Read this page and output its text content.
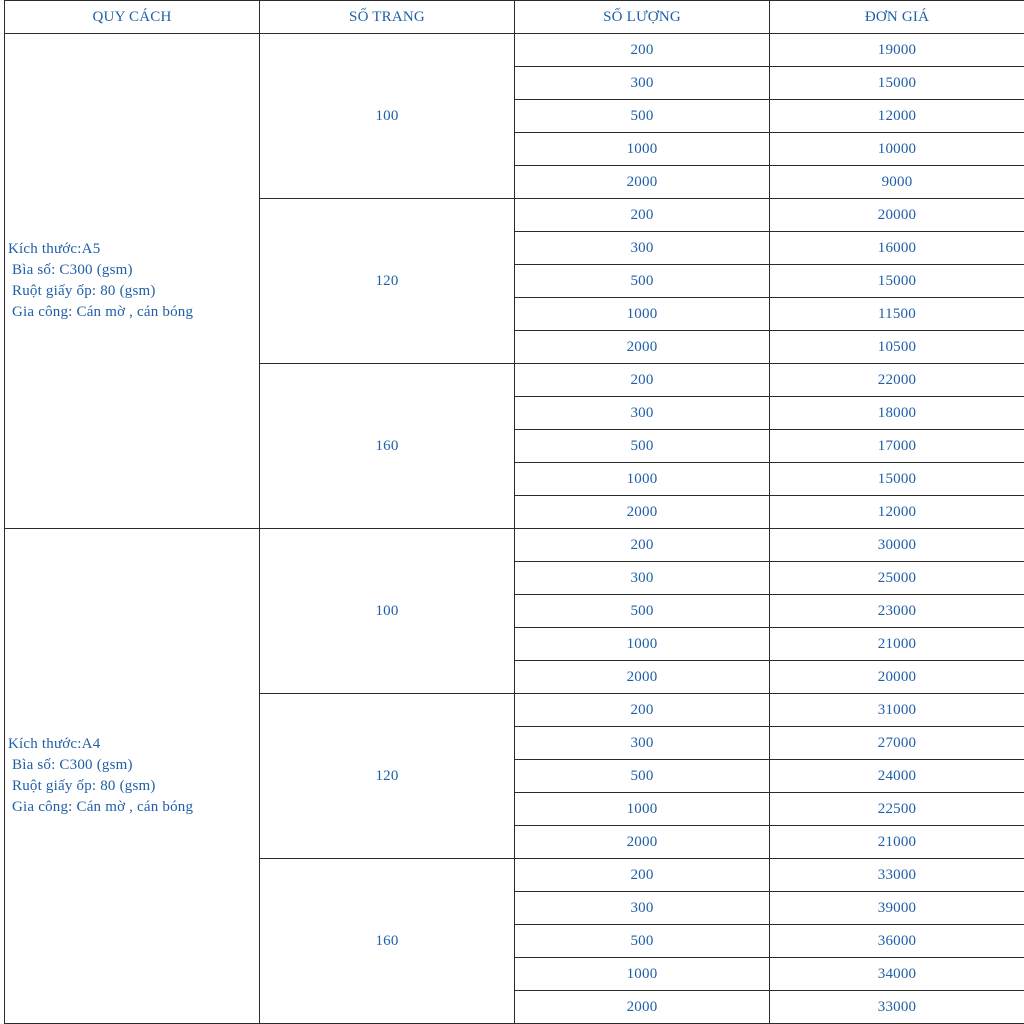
QUY CÁCH	SỐ TRANG	SỐ LƯỢNG	ĐƠN GIÁ

Kích thước:A5
Bìa số: C300 (gsm)
Ruột giấy ốp: 80 (gsm)
Gia công: Cán mờ , cán bóng	100	200	19000
		300	15000
		500	12000
		1000	10000
		2000	9000
	120	200	20000
		300	16000
		500	15000
		1000	11500
		2000	10500
	160	200	22000
		300	18000
		500	17000
		1000	15000
		2000	12000

Kích thước:A4
Bìa số: C300 (gsm)
Ruột giấy ốp: 80 (gsm)
Gia công: Cán mờ , cán bóng	100	200	30000
		300	25000
		500	23000
		1000	21000
		2000	20000
	120	200	31000
		300	27000
		500	24000
		1000	22500
		2000	21000
	160	200	33000
		300	39000
		500	36000
		1000	34000
		2000	33000
